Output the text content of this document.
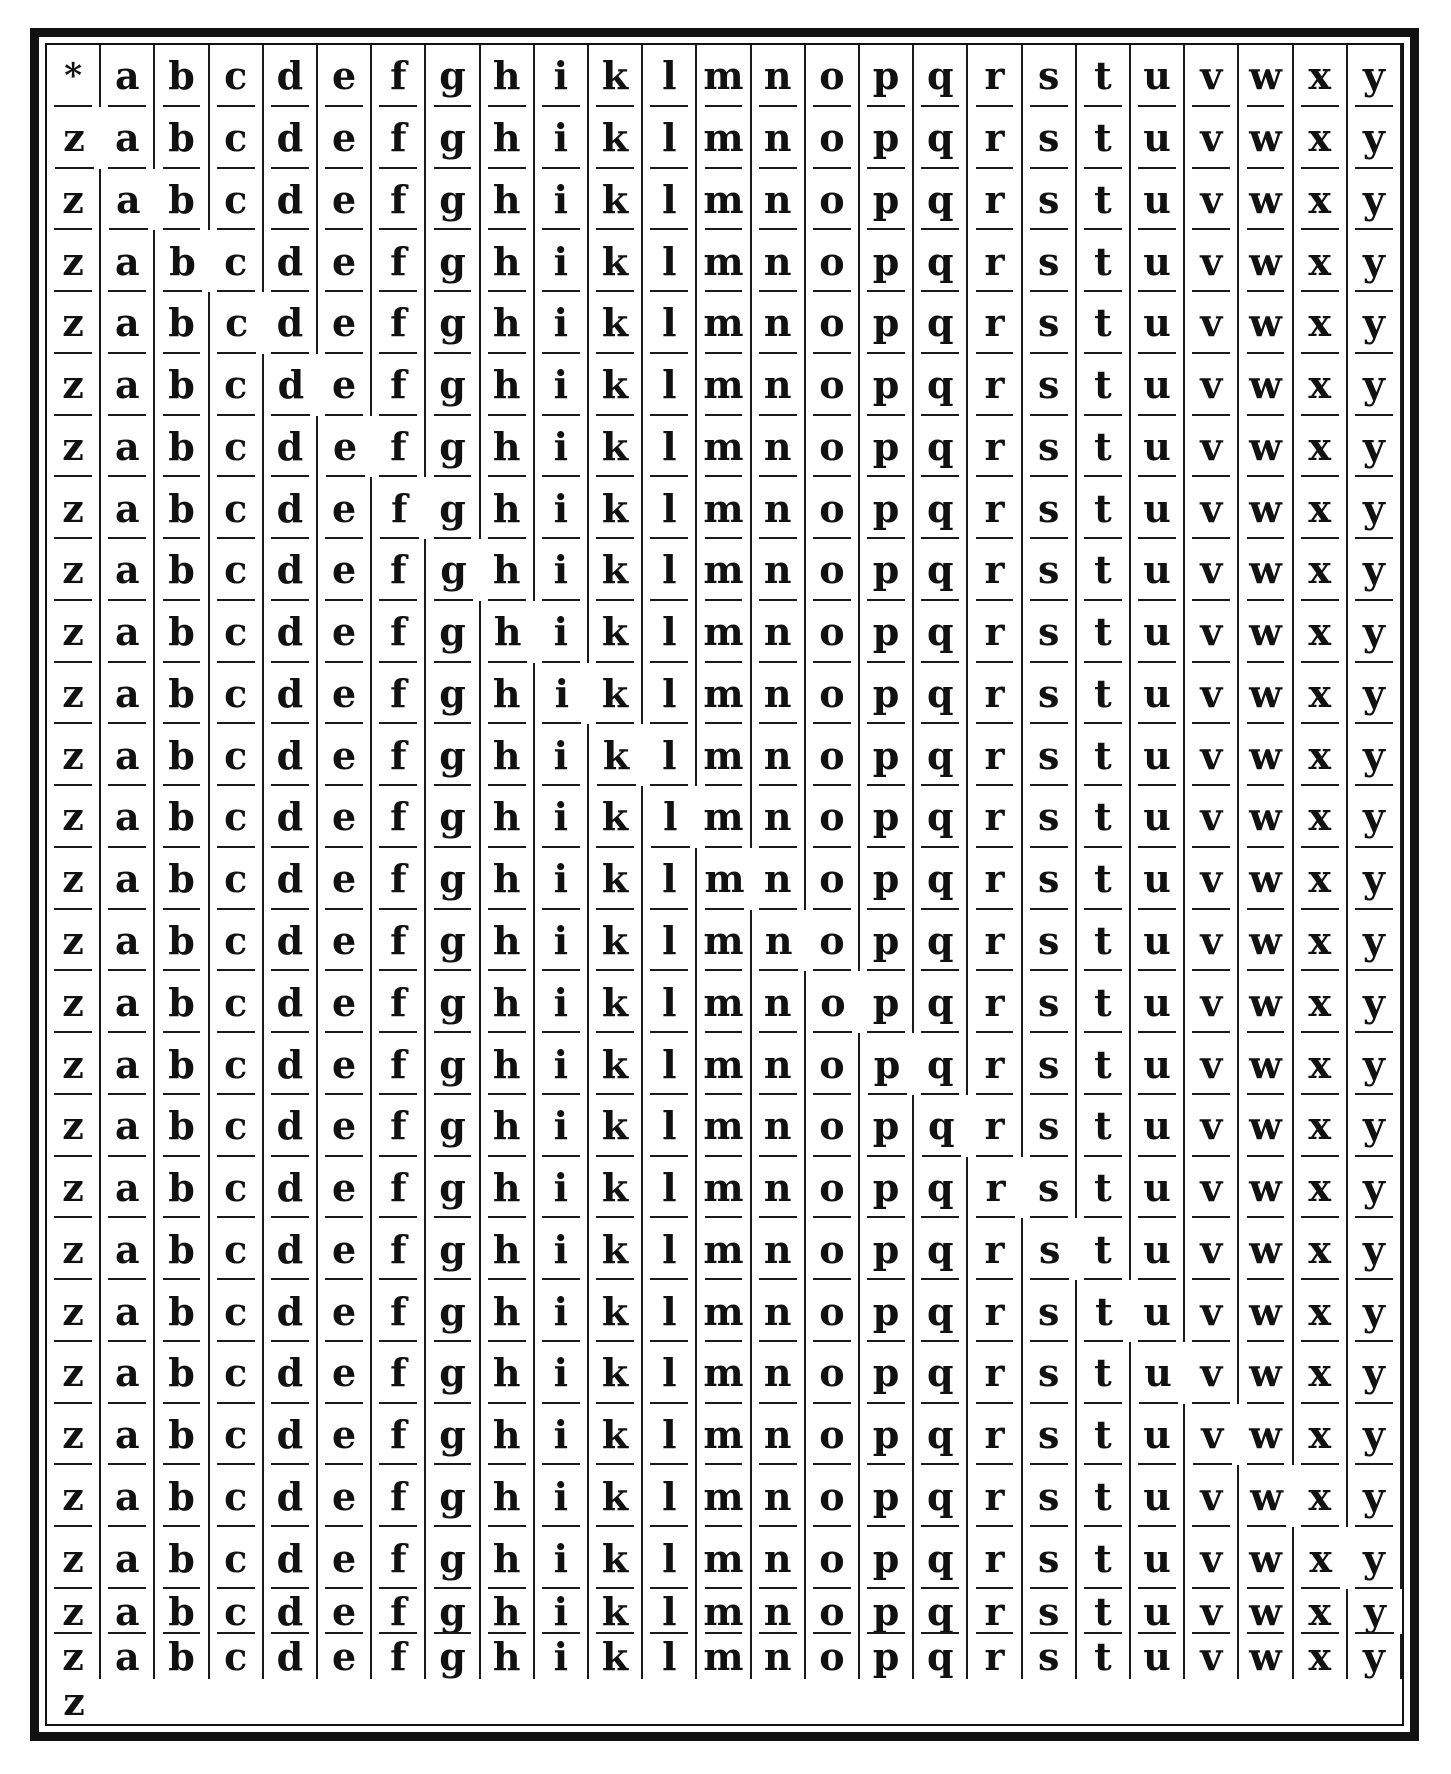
* a b c d e f g h i k l m n o p q r s t u v w x y
z a b c d e f g h i k l m n o p q r s t u v w x y
z a b c d e f g h i k l m n o p q r s t u v w x y
z a b c d e f g h i k l m n o p q r s t u v w x y
z a b c d e f g h i k l m n o p q r s t u v w x y
z a b c d e f g h i k l m n o p q r s t u v w x y
z a b c d e f g h i k l m n o p q r s t u v w x y
z a b c d e f g h i k l m n o p q r s t u v w x y
z a b c d e f g h i k l m n o p q r s t u v w x y
z a b c d e f g h i k l m n o p q r s t u v w x y
z a b c d e f g h i k l m n o p q r s t u v w x y
z a b c d e f g h i k l m n o p q r s t u v w x y
z a b c d e f g h i k l m n o p q r s t u v w x y
z a b c d e f g h i k l m n o p q r s t u v w x y
z a b c d e f g h i k l m n o p q r s t u v w x y
z a b c d e f g h i k l m n o p q r s t u v w x y
z a b c d e f g h i k l m n o p q r s t u v w x y
z a b c d e f g h i k l m n o p q r s t u v w x y
z a b c d e f g h i k l m n o p q r s t u v w x y
z a b c d e f g h i k l m n o p q r s t u v w x y
z a b c d e f g h i k l m n o p q r s t u v w x y
z a b c d e f g h i k l m n o p q r s t u v w x y
z a b c d e f g h i k l m n o p q r s t u v w x y
z a b c d e f g h i k l m n o p q r s t u v w x y
z a b c d e f g h i k l m n o p q r s t u v w x y
z a b c d e f g h i k l m n o p q r s t u v w x y
z a b c d e f g h i k l m n o p q r s t u v w x y
z
